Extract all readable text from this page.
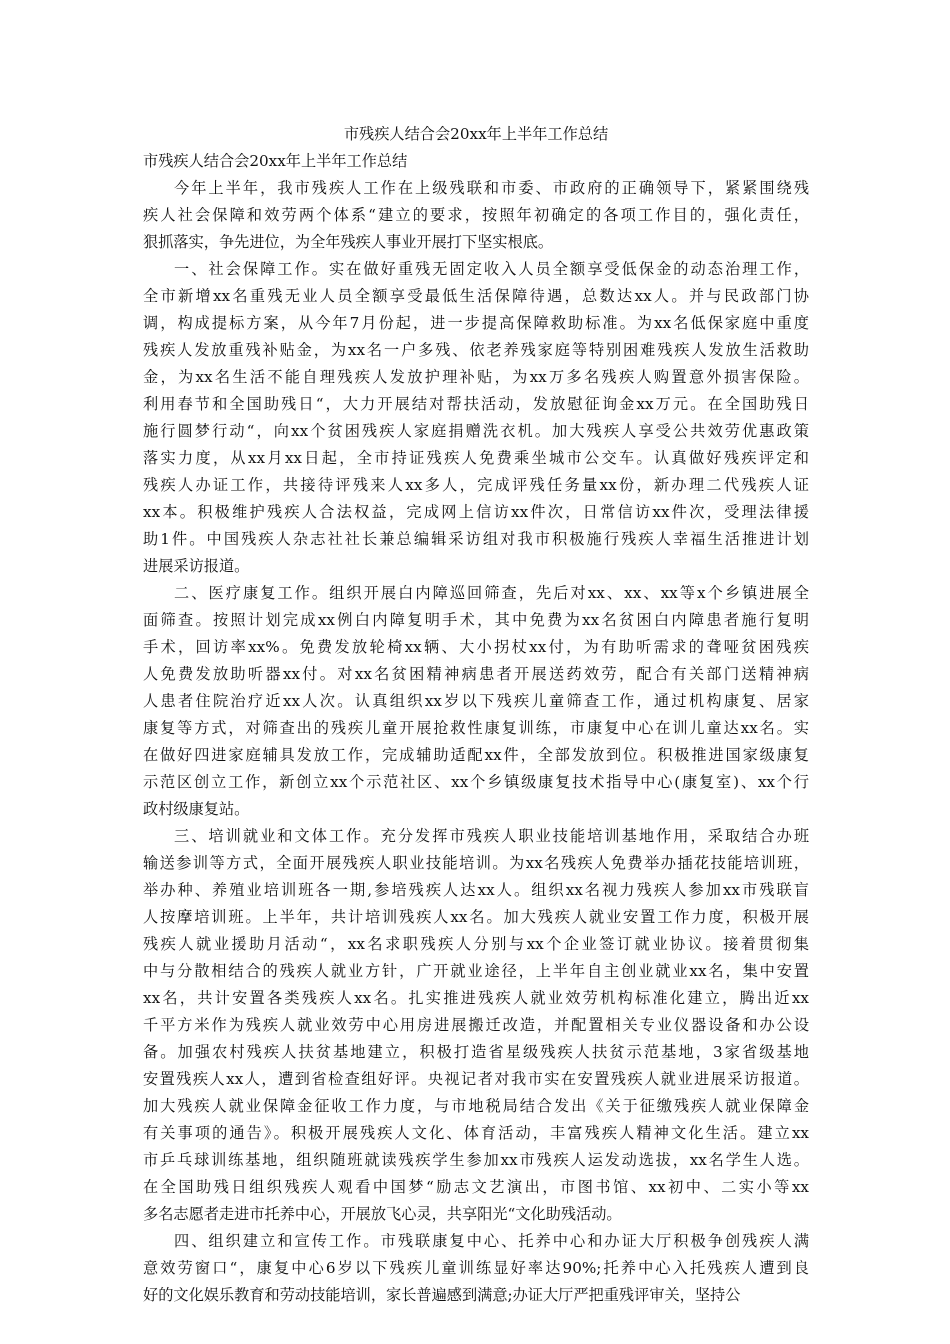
市残疾人结合会20xx年上半年工作总结
市残疾人结合会20xx年上半年工作总结
今年上半年，我市残疾人工作在上级残联和市委、市政府的正确领导下，紧紧围绕残
疾人社会保障和效劳两个体系“建立的要求，按照年初确定的各项工作目的，强化责任，
狠抓落实，争先进位，为全年残疾人事业开展打下坚实根底。
一、社会保障工作。实在做好重残无固定收入人员全额享受低保金的动态治理工作，
全市新增xx名重残无业人员全额享受最低生活保障待遇，总数达xx人。并与民政部门协
调，构成提标方案，从今年7月份起，进一步提高保障救助标准。为xx名低保家庭中重度
残疾人发放重残补贴金，为xx名一户多残、依老养残家庭等特别困难残疾人发放生活救助
金，为xx名生活不能自理残疾人发放护理补贴，为xx万多名残疾人购置意外损害保险。
利用春节和全国助残日“，大力开展结对帮扶活动，发放慰征询金xx万元。在全国助残日
施行圆梦行动“，向xx个贫困残疾人家庭捐赠洗衣机。加大残疾人享受公共效劳优惠政策
落实力度，从xx月xx日起，全市持证残疾人免费乘坐城市公交车。认真做好残疾评定和
残疾人办证工作，共接待评残来人xx多人，完成评残任务量xx份，新办理二代残疾人证
xx本。积极维护残疾人合法权益，完成网上信访xx件次，日常信访xx件次，受理法律援
助1件。中国残疾人杂志社社长兼总编辑采访组对我市积极施行残疾人幸福生活推进计划
进展采访报道。
二、医疗康复工作。组织开展白内障巡回筛查，先后对xx、xx、xx等x个乡镇进展全
面筛查。按照计划完成xx例白内障复明手术，其中免费为xx名贫困白内障患者施行复明
手术，回访率xx%。免费发放轮椅xx辆、大小拐杖xx付，为有助听需求的聋哑贫困残疾
人免费发放助听器xx付。对xx名贫困精神病患者开展送药效劳，配合有关部门送精神病
人患者住院治疗近xx人次。认真组织xx岁以下残疾儿童筛查工作，通过机构康复、居家
康复等方式，对筛查出的残疾儿童开展抢救性康复训练，市康复中心在训儿童达xx名。实
在做好四进家庭辅具发放工作，完成辅助适配xx件，全部发放到位。积极推进国家级康复
示范区创立工作，新创立xx个示范社区、xx个乡镇级康复技术指导中心(康复室)、xx个行
政村级康复站。
三、培训就业和文体工作。充分发挥市残疾人职业技能培训基地作用，采取结合办班
输送参训等方式，全面开展残疾人职业技能培训。为xx名残疾人免费举办插花技能培训班，
举办种、养殖业培训班各一期,参培残疾人达xx人。组织xx名视力残疾人参加xx市残联盲
人按摩培训班。上半年，共计培训残疾人xx名。加大残疾人就业安置工作力度，积极开展
残疾人就业援助月活动“，xx名求职残疾人分别与xx个企业签订就业协议。接着贯彻集
中与分散相结合的残疾人就业方针，广开就业途径，上半年自主创业就业xx名，集中安置
xx名，共计安置各类残疾人xx名。扎实推进残疾人就业效劳机构标准化建立，腾出近xx
千平方米作为残疾人就业效劳中心用房进展搬迁改造，并配置相关专业仪器设备和办公设
备。加强农村残疾人扶贫基地建立，积极打造省星级残疾人扶贫示范基地，3家省级基地
安置残疾人xx人，遭到省检查组好评。央视记者对我市实在安置残疾人就业进展采访报道。
加大残疾人就业保障金征收工作力度，与市地税局结合发出《关于征缴残疾人就业保障金
有关事项的通告》。积极开展残疾人文化、体育活动，丰富残疾人精神文化生活。建立xx
市乒乓球训练基地，组织随班就读残疾学生参加xx市残疾人运发动选拔，xx名学生人选。
在全国助残日组织残疾人观看中国梦“励志文艺演出，市图书馆、xx初中、二实小等xx
多名志愿者走进市托养中心，开展放飞心灵，共享阳光“文化助残活动。
四、组织建立和宣传工作。市残联康复中心、托养中心和办证大厅积极争创残疾人满
意效劳窗口“，康复中心6岁以下残疾儿童训练显好率达90%;托养中心入托残疾人遭到良
好的文化娱乐教育和劳动技能培训，家长普遍感到满意;办证大厅严把重残评审关，坚持公
